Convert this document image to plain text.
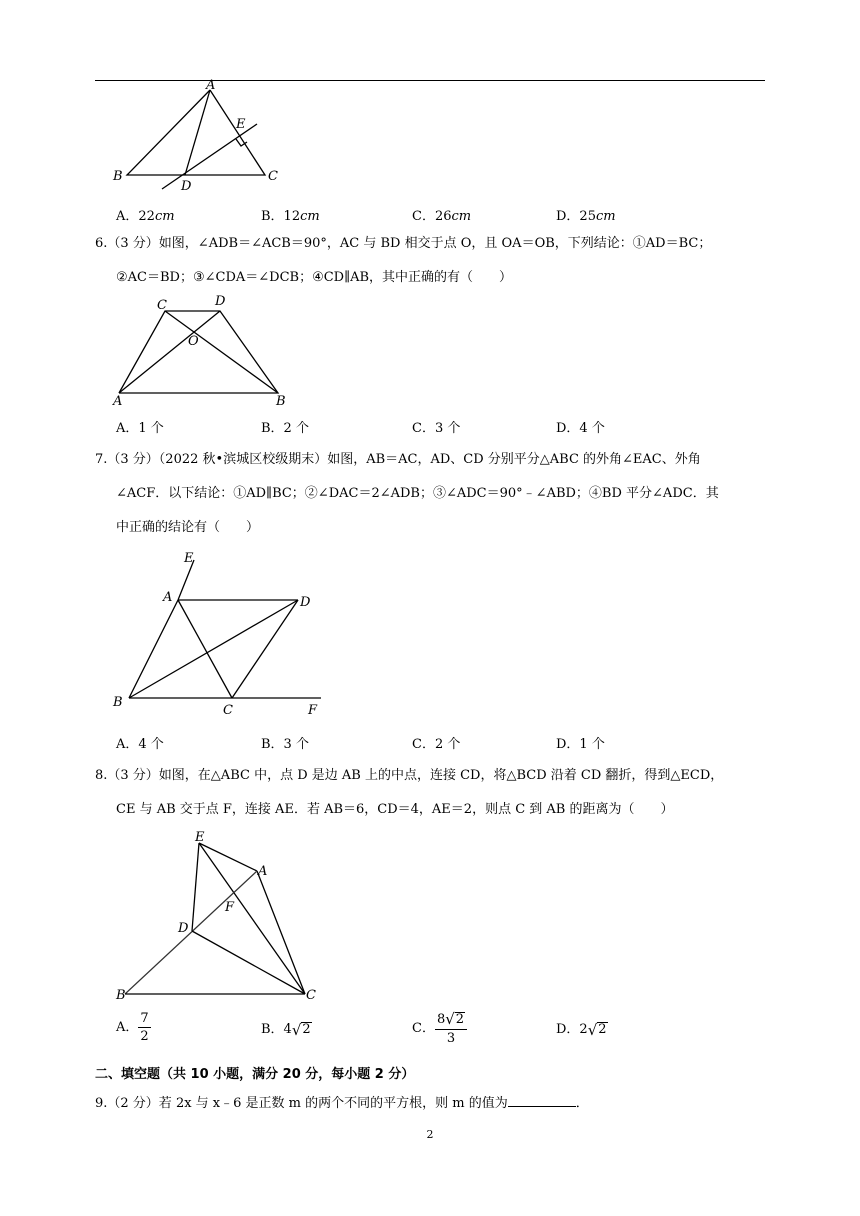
A
B	C
D
E
A．22cm	B．12cm	C．26cm	D．25cm
6.（3 分）如图，∠ADB＝∠ACB＝90°，AC 与 BD 相交于点 O，且 OA＝OB，下列结论：①AD＝BC；
②AC＝BD；③∠CDA＝∠DCB；④CD∥AB，其中正确的有（　　）
A	B
C	D
O
A．1 个	B．2 个	C．3 个	D．4 个
7.（3 分）（2022 秋•滨城区校级期末）如图，AB＝AC，AD、CD 分别平分△ABC 的外角∠EAC、外角
∠ACF．以下结论：①AD∥BC；②∠DAC＝2∠ADB；③∠ADC＝90°﹣∠ABD；④BD 平分∠ADC．其
中正确的结论有（　　）
E
A	D
B
C	F
A．4 个	B．3 个	C．2 个	D．1 个
8.（3 分）如图，在△ABC 中，点 D 是边 AB 上的中点，连接 CD，将△BCD 沿着 CD 翻折，得到△ECD，
CE 与 AB 交于点 F，连接 AE．若 AB＝6，CD＝4，AE＝2，则点 C 到 AB 的距离为（　　）
E
A
F
D
B	C
A． $\frac{7}{2}$	B．4 √ 2	C． $\frac{8 √ 2}{3}$	D．2 √ 2
二、填空题（共 10 小题，满分 20 分，每小题 2 分）
9.（2 分）若 2x 与 x﹣6 是正数 m 的两个不同的平方根，则 m 的值为	．
2
